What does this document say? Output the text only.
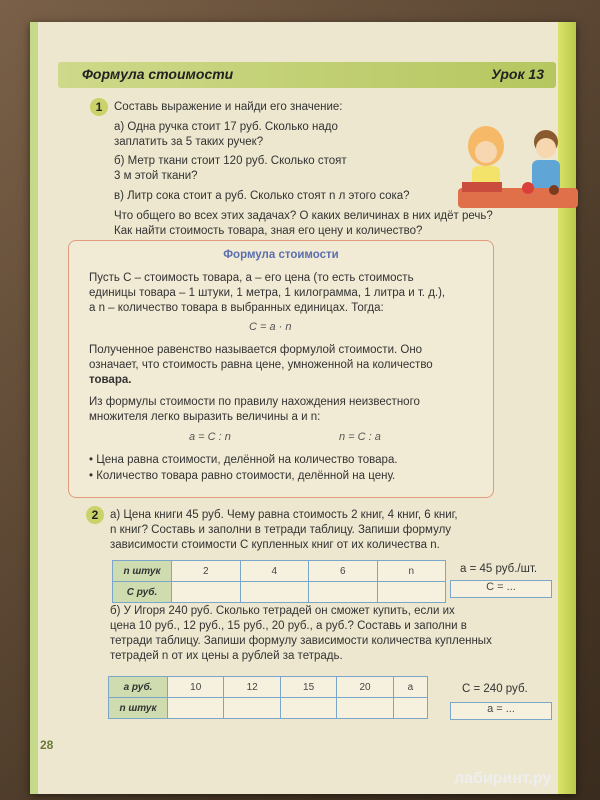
Формула стоимости	Урок 13
1	Составь выражение и найди его значение:
а) Одна ручка стоит 17 руб. Сколько надо
заплатить за 5 таких ручек?
б) Метр ткани стоит 120 руб. Сколько стоят
3 м этой ткани?
в) Литр сока стоит а руб. Сколько стоят n л этого сока?
Что общего во всех этих задачах? О каких величинах в них идёт речь?
Как найти стоимость товара, зная его цену и количество?
Формула стоимости
Пусть C – стоимость товара, a – его цена (то есть стоимость
единицы товара – 1 штуки, 1 метра, 1 килограмма, 1 литра и т. д.),
а n – количество товара в выбранных единицах. Тогда:
C = a · n
Полученное равенство называется формулой стоимости. Оно
означает, что стоимость равна цене, умноженной на количество
товара.
Из формулы стоимости по правилу нахождения неизвестного
множителя легко выразить величины a и n:
a = C : n	n = C : a
• Цена равна стоимости, делённой на количество товара.
• Количество товара равно стоимости, делённой на цену.
2	а) Цена книги 45 руб. Чему равна стоимость 2 книг, 4 книг, 6 книг,
n книг? Составь и заполни в тетради таблицу. Запиши формулу
зависимости стоимости C купленных книг от их количества n.
n штук	2	4	6	n
C руб.				
a = 45 руб./шт.
C = ...
б) У Игоря 240 руб. Сколько тетрадей он сможет купить, если их
цена 10 руб., 12 руб., 15 руб., 20 руб., a руб.? Составь и заполни в
тетради таблицу. Запиши формулу зависимости количества купленных
тетрадей n от их цены a рублей за тетрадь.
a руб.	10	12	15	20	a
n штук					
C = 240 руб.
a = ...
28
лабиринт.ру
